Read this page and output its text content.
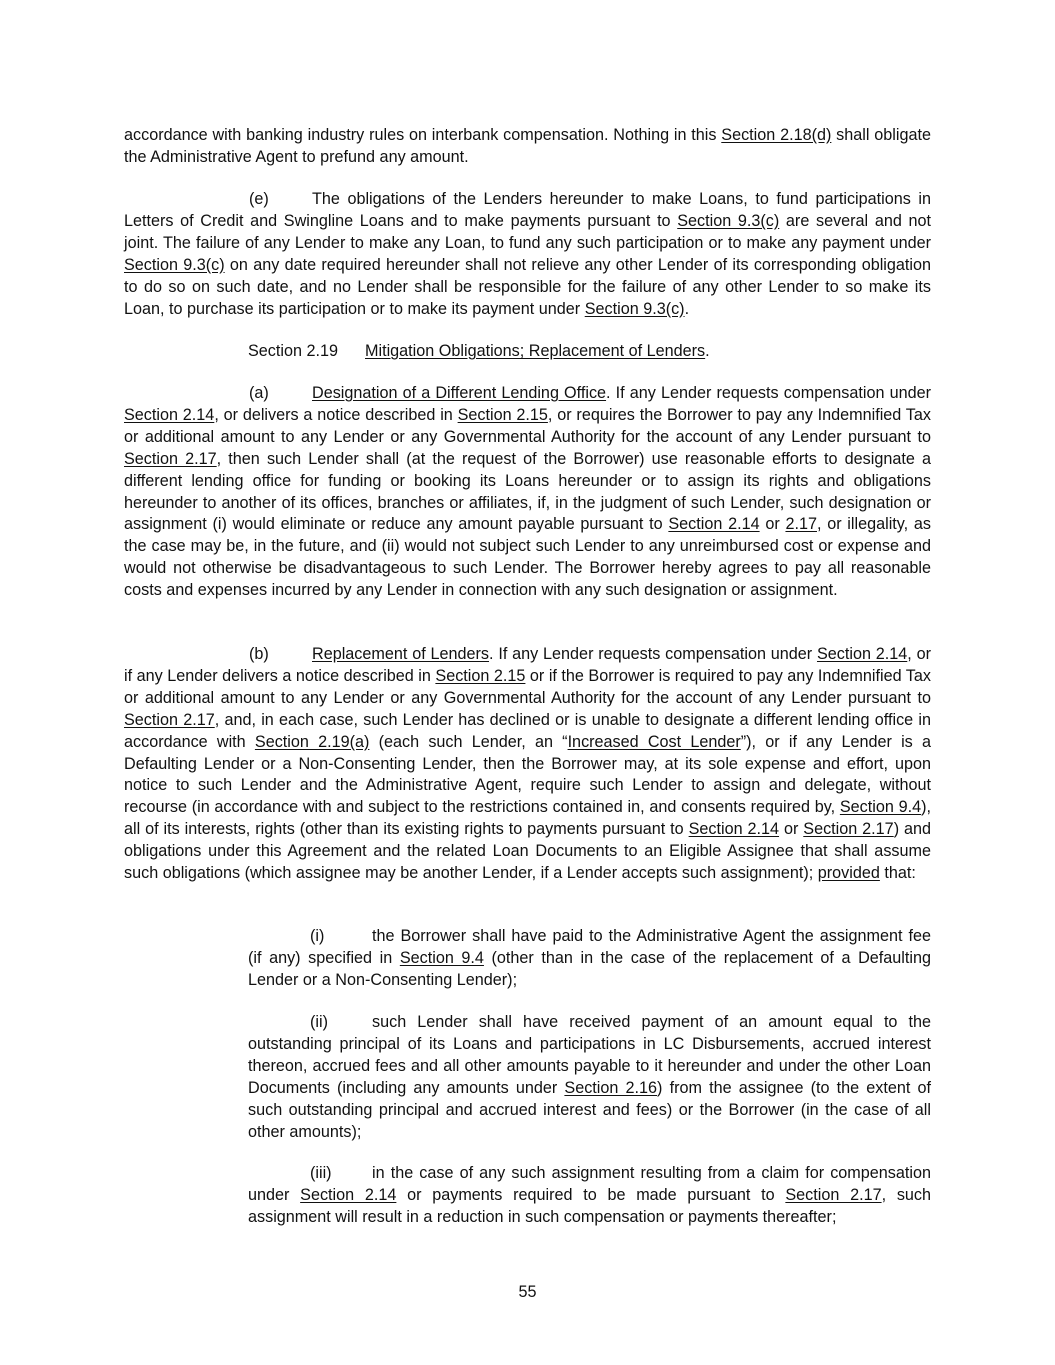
accordance with banking industry rules on interbank compensation. Nothing in this Section 2.18(d) shall obligate the Administrative Agent to prefund any amount.

(e)	The obligations of the Lenders hereunder to make Loans, to fund participations in Letters of Credit and Swingline Loans and to make payments pursuant to Section 9.3(c) are several and not joint. The failure of any Lender to make any Loan, to fund any such participation or to make any payment under Section 9.3(c) on any date required hereunder shall not relieve any other Lender of its corresponding obligation to do so on such date, and no Lender shall be responsible for the failure of any other Lender to so make its Loan, to purchase its participation or to make its payment under Section 9.3(c).

Section 2.19 Mitigation Obligations; Replacement of Lenders.

(a)	Designation of a Different Lending Office. If any Lender requests compensation under Section 2.14, or delivers a notice described in Section 2.15, or requires the Borrower to pay any Indemnified Tax or additional amount to any Lender or any Governmental Authority for the account of any Lender pursuant to Section 2.17, then such Lender shall (at the request of the Borrower) use reasonable efforts to designate a different lending office for funding or booking its Loans hereunder or to assign its rights and obligations hereunder to another of its offices, branches or affiliates, if, in the judgment of such Lender, such designation or assignment (i) would eliminate or reduce any amount payable pursuant to Section 2.14 or 2.17, or illegality, as the case may be, in the future, and (ii) would not subject such Lender to any unreimbursed cost or expense and would not otherwise be disadvantageous to such Lender. The Borrower hereby agrees to pay all reasonable costs and expenses incurred by any Lender in connection with any such designation or assignment.

(b)	Replacement of Lenders. If any Lender requests compensation under Section 2.14, or if any Lender delivers a notice described in Section 2.15 or if the Borrower is required to pay any Indemnified Tax or additional amount to any Lender or any Governmental Authority for the account of any Lender pursuant to Section 2.17, and, in each case, such Lender has declined or is unable to designate a different lending office in accordance with Section 2.19(a) (each such Lender, an “Increased Cost Lender”), or if any Lender is a Defaulting Lender or a Non-Consenting Lender, then the Borrower may, at its sole expense and effort, upon notice to such Lender and the Administrative Agent, require such Lender to assign and delegate, without recourse (in accordance with and subject to the restrictions contained in, and consents required by, Section 9.4), all of its interests, rights (other than its existing rights to payments pursuant to Section 2.14 or Section 2.17) and obligations under this Agreement and the related Loan Documents to an Eligible Assignee that shall assume such obligations (which assignee may be another Lender, if a Lender accepts such assignment); provided that:

(i)	the Borrower shall have paid to the Administrative Agent the assignment fee (if any) specified in Section 9.4 (other than in the case of the replacement of a Defaulting Lender or a Non-Consenting Lender);

(ii)	such Lender shall have received payment of an amount equal to the outstanding principal of its Loans and participations in LC Disbursements, accrued interest thereon, accrued fees and all other amounts payable to it hereunder and under the other Loan Documents (including any amounts under Section 2.16) from the assignee (to the extent of such outstanding principal and accrued interest and fees) or the Borrower (in the case of all other amounts);

(iii) in the case of any such assignment resulting from a claim for compensation under Section 2.14 or payments required to be made pursuant to Section 2.17, such assignment will result in a reduction in such compensation or payments thereafter;

55
